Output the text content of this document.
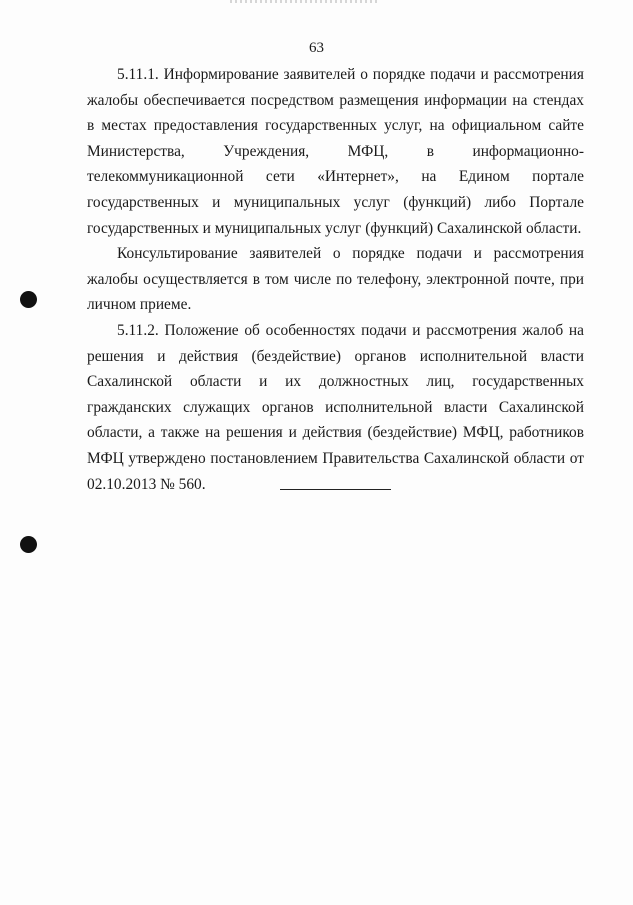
63

5.11.1. Информирование заявителей о порядке подачи и рассмотрения жалобы обеспечивается посредством размещения информации на стендах в местах предоставления государственных услуг, на официальном сайте Министерства, Учреждения, МФЦ, в информационно-телекоммуникационной сети «Интернет», на Едином портале государственных и муниципальных услуг (функций) либо Портале государственных и муниципальных услуг (функций) Сахалинской области.

Консультирование заявителей о порядке подачи и рассмотрения жалобы осуществляется в том числе по телефону, электронной почте, при личном приеме.

5.11.2. Положение об особенностях подачи и рассмотрения жалоб на решения и действия (бездействие) органов исполнительной власти Сахалинской области и их должностных лиц, государственных гражданских служащих органов исполнительной власти Сахалинской области, а также на решения и действия (бездействие) МФЦ, работников МФЦ утверждено постановлением Правительства Сахалинской области от 02.10.2013 № 560.
